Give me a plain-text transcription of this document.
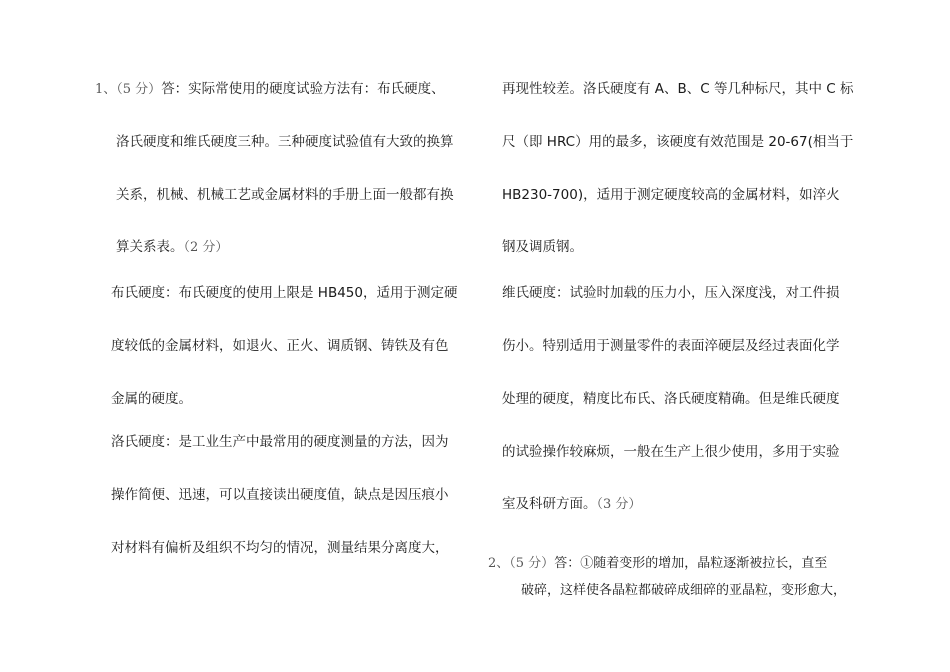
1、（5 分）答：实际常使用的硬度试验方法有：布氏硬度、
洛氏硬度和维氏硬度三种。三种硬度试验值有大致的换算
关系，机械、机械工艺或金属材料的手册上面一般都有换
算关系表。（2 分）
布氏硬度：布氏硬度的使用上限是 HB450，适用于测定硬
度较低的金属材料，如退火、正火、调质钢、铸铁及有色
金属的硬度。
洛氏硬度：是工业生产中最常用的硬度测量的方法，因为
操作简便、迅速，可以直接读出硬度值，缺点是因压痕小
对材料有偏析及组织不均匀的情况，测量结果分离度大，
再现性较差。洛氏硬度有 A、B、C 等几种标尺，其中 C 标
尺（即 HRC）用的最多，该硬度有效范围是 20-67(相当于
HB230-700)，适用于测定硬度较高的金属材料，如淬火
钢及调质钢。
维氏硬度：试验时加载的压力小，压入深度浅，对工件损
伤小。特别适用于测量零件的表面淬硬层及经过表面化学
处理的硬度，精度比布氏、洛氏硬度精确。但是维氏硬度
的试验操作较麻烦，一般在生产上很少使用，多用于实验
室及科研方面。（3 分）
2、（5 分）答：①随着变形的增加，晶粒逐渐被拉长，直至
破碎，这样使各晶粒都破碎成细碎的亚晶粒，变形愈大，
